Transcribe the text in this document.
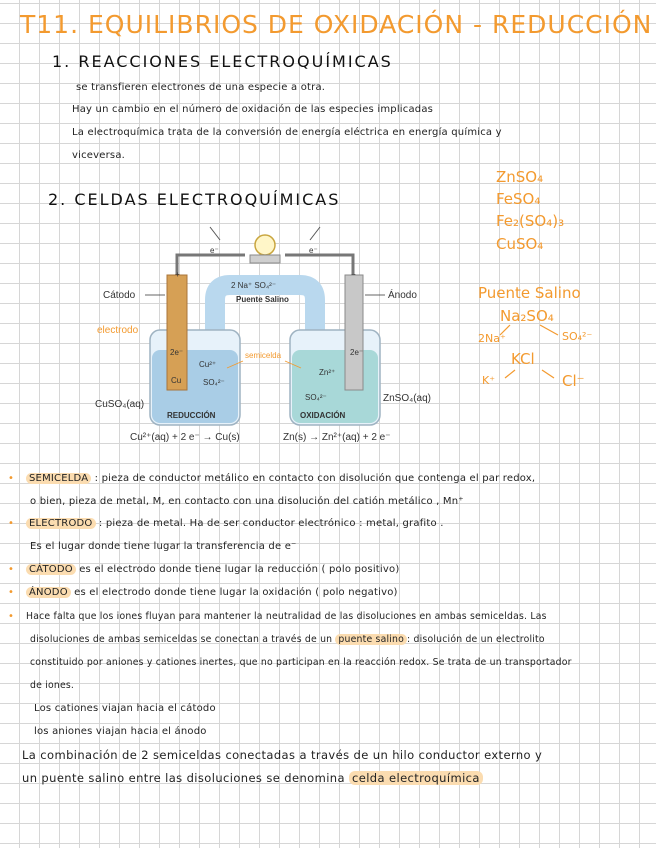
T11. EQUILIBRIOS DE OXIDACIÓN - REDUCCIÓN
1. REACCIONES ELECTROQUÍMICAS
se transfieren electrones de una especie a otra.
Hay un cambio en el número de oxidación de las especies implicadas
La electroquímica trata de la conversión de energía eléctrica en energía química y
viceversa.
2. CELDAS ELECTROQUÍMICAS
ZnSO₄
FeSO₄
Fe₂(SO₄)₃
CuSO₄
Puente Salino
Na₂SO₄
2Na⁺	SO₄²⁻
KCl
K⁺	Cl⁻
e⁻	e⁻
2 Na⁺ SO₄²⁻
Puente Salino
+
2e⁻
Cu²⁺
SO₄²⁻
Cu
REDUCCIÓN
−
2e⁻
Zn²⁺
SO₄²⁻
OXIDACIÓN
Cátodo	Ánodo
electrodo
semicelda
CuSO₄(aq)
ZnSO₄(aq)
Cu²⁺(aq) + 2 e⁻ → Cu(s)	Zn(s) → Zn²⁺(aq) + 2 e⁻
•	SEMICELDA : pieza de conductor metálico en contacto con disolución que contenga el par redox,
o bien, pieza de metal, M, en contacto con una disolución del catión metálico , Mn⁺
•	ELECTRODO : pieza de metal. Ha de ser conductor electrónico : metal, grafito .
Es el lugar donde tiene lugar la transferencia de e⁻
•	CÁTODO es el electrodo donde tiene lugar la reducción ( polo positivo)
•	ÁNODO es el electrodo donde tiene lugar la oxidación ( polo negativo)
• Hace falta que los iones fluyan para mantener la neutralidad de las disoluciones en ambas semiceldas. Las
disoluciones de ambas semiceldas se conectan a través de un puente salino : disolución de un electrolito
constituido por aniones y cationes inertes, que no participan en la reacción redox. Se trata de un transportador
de iones.
Los cationes viajan hacia el cátodo
los aniones viajan hacia el ánodo
La combinación de 2 semiceldas conectadas a través de un hilo conductor externo y
un puente salino entre las disoluciones se denomina celda electroquímica
